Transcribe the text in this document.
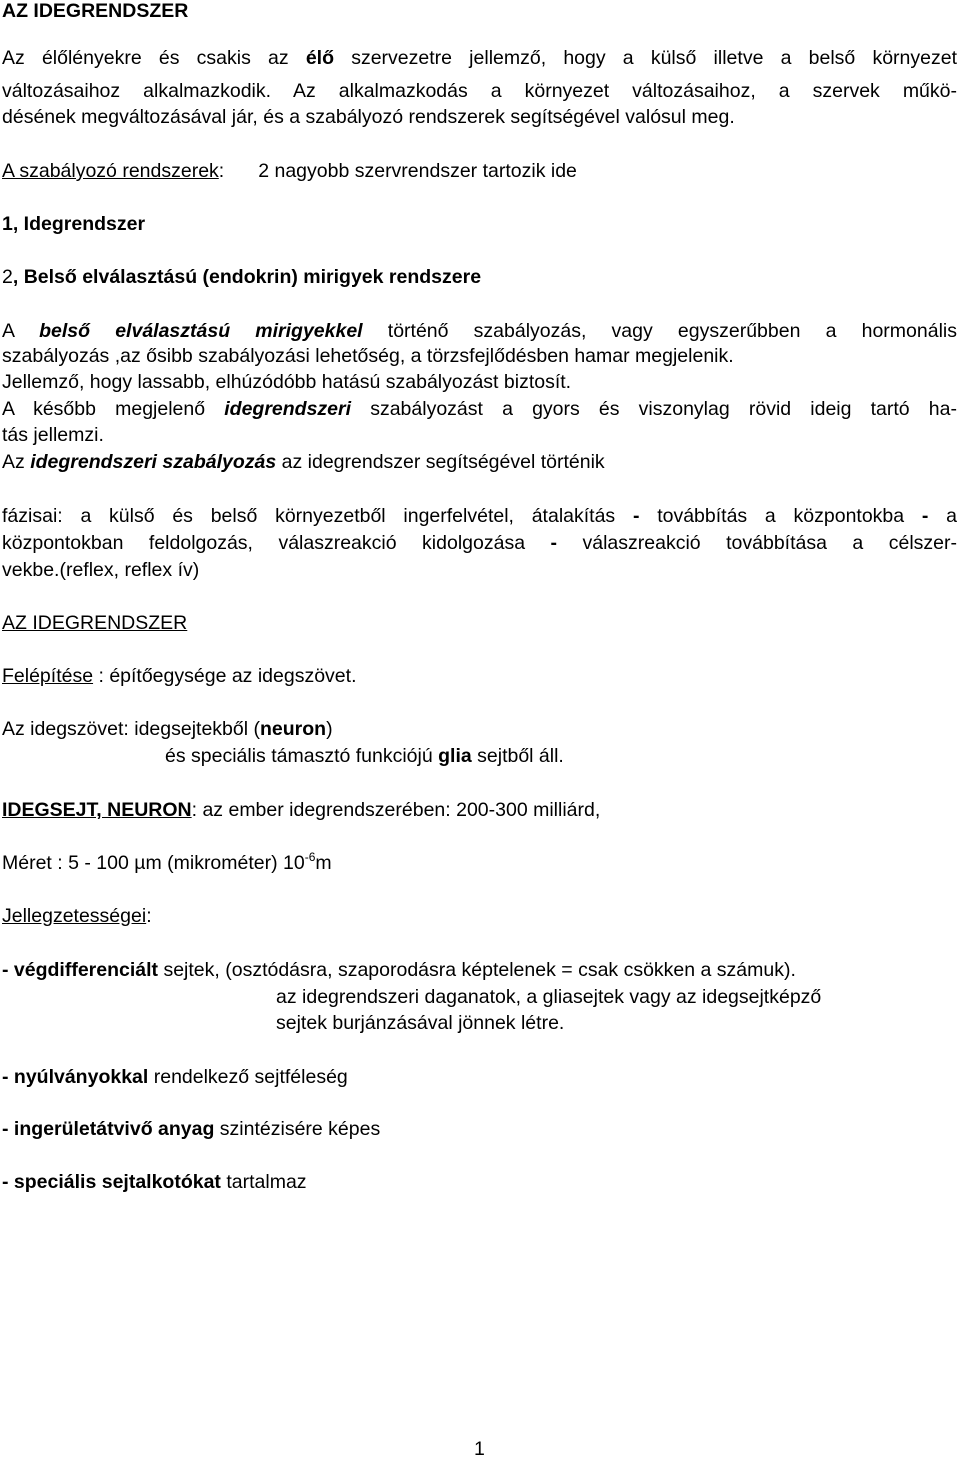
AZ IDEGRENDSZER
Az élőlényekre és csakis az élő szervezetre jellemző, hogy a külső illetve a belső környezet
változásaihoz alkalmazkodik. Az alkalmazkodás a környezet változásaihoz, a szervek műkö-
désének megváltozásával jár, és a szabályozó rendszerek segítségével valósul meg.
A szabályozó rendszerek: 2 nagyobb szervrendszer tartozik ide
1, Idegrendszer
2, Belső elválasztású (endokrin) mirigyek rendszere
A belső elválasztású mirigyekkel történő szabályozás, vagy egyszerűbben a hormonális
szabályozás ,az ősibb szabályozási lehetőség, a törzsfejlődésben hamar megjelenik.
Jellemző, hogy lassabb, elhúzódóbb hatású szabályozást biztosít.
A később megjelenő idegrendszeri szabályozást a gyors és viszonylag rövid ideig tartó ha-
tás jellemzi.
Az idegrendszeri szabályozás az idegrendszer segítségével történik
fázisai: a külső és belső környezetből ingerfelvétel, átalakítás - továbbítás a központokba - a
központokban feldolgozás, válaszreakció kidolgozása - válaszreakció továbbítása a célszer-
vekbe.(reflex, reflex ív)
AZ IDEGRENDSZER
Felépítése : építőegysége az idegszövet.
Az idegszövet: idegsejtekből (neuron)
és speciális támasztó funkciójú glia sejtből áll.
IDEGSEJT, NEURON: az ember idegrendszerében: 200-300 milliárd,
Méret : 5 - 100 µm (mikrométer) $10^{-6}m$
Jellegzetességei:
- végdifferenciált sejtek, (osztódásra, szaporodásra képtelenek = csak csökken a számuk).
az idegrendszeri daganatok, a gliasejtek vagy az idegsejtképző
sejtek burjánzásával jönnek létre.
- nyúlványokkal rendelkező sejtféleség
- ingerületátvivő anyag szintézisére képes
- speciális sejtalkotókat tartalmaz
1
